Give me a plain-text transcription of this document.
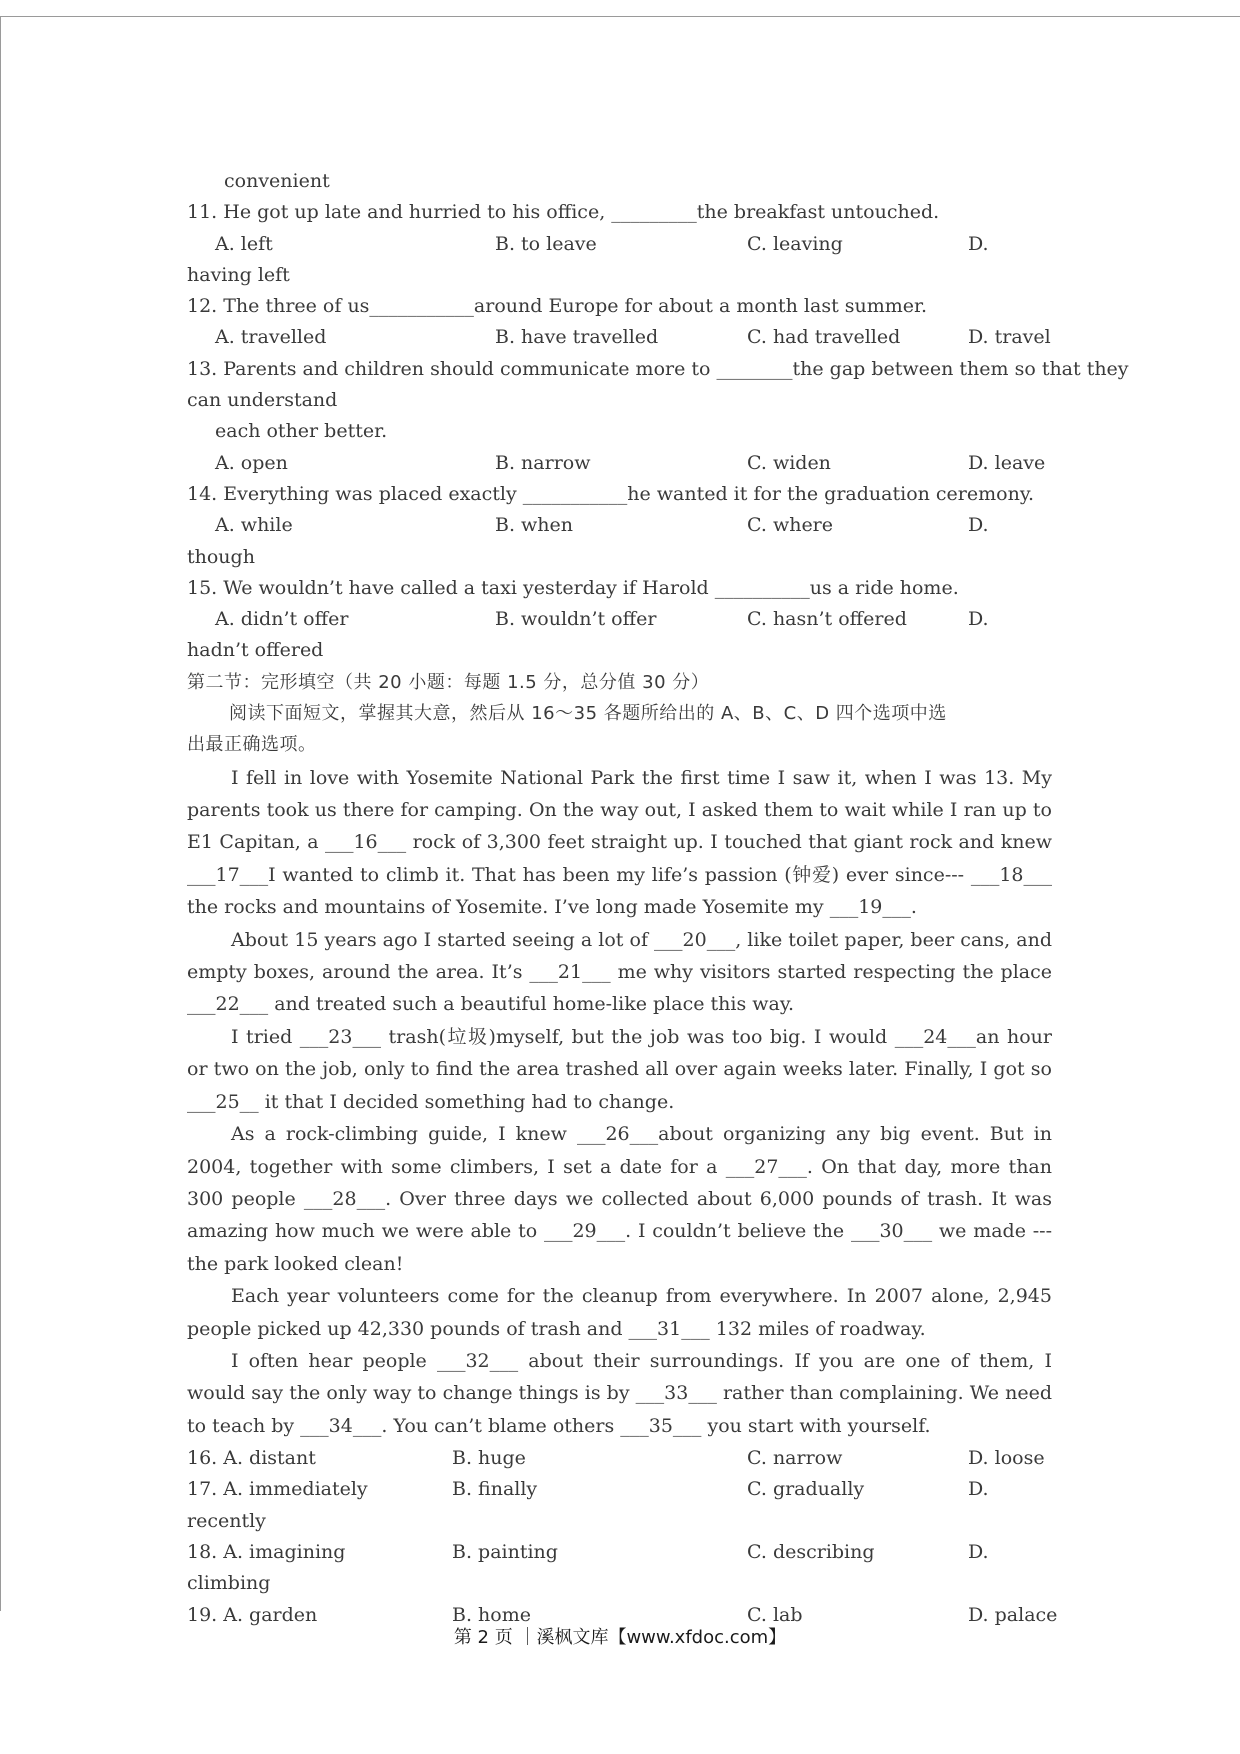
convenient
11. He got up late and hurried to his office, _________the breakfast untouched.
A. left	B. to leave	C. leaving	D.
having left
12. The three of us___________around Europe for about a month last summer.
A. travelled	B. have travelled	C. had travelled	D. travel
13. Parents and children should communicate more to ________the gap between them so that they
can understand
each other better.
A. open	B. narrow	C. widen	D. leave
14. Everything was placed exactly ___________he wanted it for the graduation ceremony.
A. while	B. when	C. where	D.
though
15. We wouldn’t have called a taxi yesterday if Harold __________us a ride home.
A. didn’t offer	B. wouldn’t offer	C. hasn’t offered	D.
hadn’t offered
第二节：完形填空（共 20 小题：每题 1.5 分，总分值 30 分）
阅读下面短文，掌握其大意，然后从 16～35 各题所给出的 A、B、C、D 四个选项中选
出最正确选项。

I fell in love with Yosemite National Park the first time I saw it, when I was 13. My parents took us there for camping. On the way out, I asked them to wait while I ran up to E1 Capitan, a ___16___ rock of 3,300 feet straight up. I touched that giant rock and knew ___17___I wanted to climb it. That has been my life’s passion (钟爱) ever since--- ___18___ the rocks and mountains of Yosemite. I’ve long made Yosemite my ___19___.

About 15 years ago I started seeing a lot of ___20___, like toilet paper, beer cans, and empty boxes, around the area. It’s ___21___ me why visitors started respecting the place ___22___ and treated such a beautiful home-like place this way.

I tried ___23___ trash(垃圾)myself, but the job was too big. I would ___24___an hour or two on the job, only to find the area trashed all over again weeks later. Finally, I got so ___25__ it that I decided something had to change.

As a rock-climbing guide, I knew ___26___about organizing any big event. But in 2004, together with some climbers, I set a date for a ___27___. On that day, more than 300 people ___28___. Over three days we collected about 6,000 pounds of trash. It was amazing how much we were able to ___29___. I couldn’t believe the ___30___ we made ---the park looked clean!

Each year volunteers come for the cleanup from everywhere. In 2007 alone, 2,945 people picked up 42,330 pounds of trash and ___31___ 132 miles of roadway.

I often hear people ___32___ about their surroundings. If you are one of them, I would say the only way to change things is by ___33___ rather than complaining. We need to teach by ___34___. You can’t blame others ___35___ you start with yourself.

16. A. distant	B. huge	C. narrow	D. loose
17. A. immediately	B. finally	C. gradually	D.
recently
18. A. imagining	B. painting	C. describing	D.
climbing
19. A. garden	B. home	C. lab	D. palace
第 2 页 ｜溪枫文库【www.xfdoc.com】
